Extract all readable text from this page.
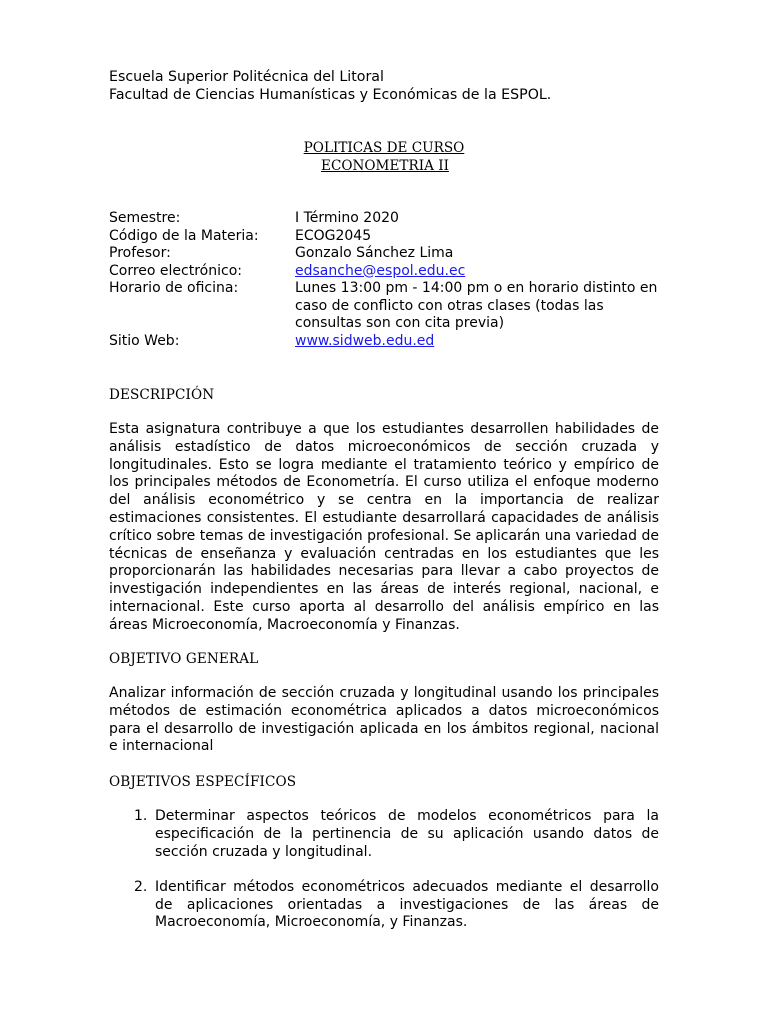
Escuela Superior Politécnica del Litoral
Facultad de Ciencias Humanísticas y Económicas de la ESPOL.
POLITICAS DE CURSO
ECONOMETRIA II
Semestre:	I Término 2020
Código de la Materia:	ECOG2045
Profesor:	Gonzalo Sánchez Lima
Correo electrónico:	edsanche@espol.edu.ec
Horario de oficina:	Lunes 13:00 pm - 14:00 pm o en horario distinto en caso de conflicto con otras clases (todas las consultas son con cita previa)
Sitio Web:	www.sidweb.edu.ed
DESCRIPCIÓN
Esta asignatura contribuye a que los estudiantes desarrollen habilidades de análisis estadístico de datos microeconómicos de sección cruzada y longitudinales. Esto se logra mediante el tratamiento teórico y empírico de los principales métodos de Econometría. El curso utiliza el enfoque moderno del análisis econométrico y se centra en la importancia de realizar estimaciones consistentes. El estudiante desarrollará capacidades de análisis crítico sobre temas de investigación profesional. Se aplicarán una variedad de técnicas de enseñanza y evaluación centradas en los estudiantes que les proporcionarán las habilidades necesarias para llevar a cabo proyectos de investigación independientes en las áreas de interés regional, nacional, e internacional. Este curso aporta al desarrollo del análisis empírico en las áreas Microeconomía, Macroeconomía y Finanzas.
OBJETIVO GENERAL
Analizar información de sección cruzada y longitudinal usando los principales métodos de estimación econométrica aplicados a datos microeconómicos para el desarrollo de investigación aplicada en los ámbitos regional, nacional e internacional
OBJETIVOS ESPECÍFICOS
1. Determinar aspectos teóricos de modelos econométricos para la especificación de la pertinencia de su aplicación usando datos de sección cruzada y longitudinal.
2. Identificar métodos econométricos adecuados mediante el desarrollo de aplicaciones orientadas a investigaciones de las áreas de Macroeconomía, Microeconomía, y Finanzas.
